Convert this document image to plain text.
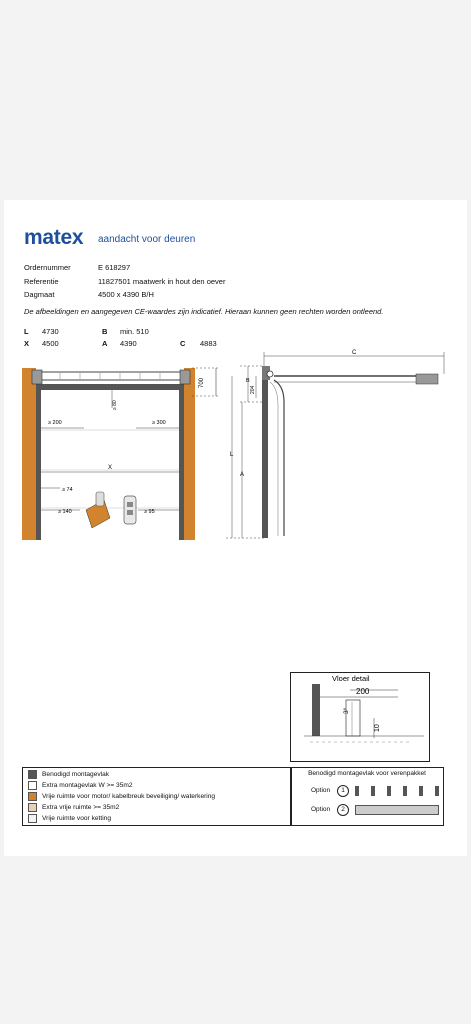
matex aandacht voor deuren
Ordernummer	E 618297
Referentie	11827501 maatwerk in hout den oever
Dagmaat	4500 x 4390 B/H
De afbeeldingen en aangegeven CE-waardes zijn indicatief. Hieraan kunnen geen rechten worden ontleend.
L 4730	B min. 510
X 4500	A 4390	C 4883
700
≥ 80
≥ 200	≥ 300
X
≥ 74
≥ 140	≥ 95
C
B
204
L
A
Vloer detail
200
3°
10
Benodigd montagevlak
Extra montagevlak W >= 35m2
Vrije ruimte voor motor/ kabelbreuk beveiliging/ waterkering
Extra vrije ruimte >= 35m2
Vrije ruimte voor ketting
Benodigd montagevlak voor verenpakket
Option	1
Option	2
